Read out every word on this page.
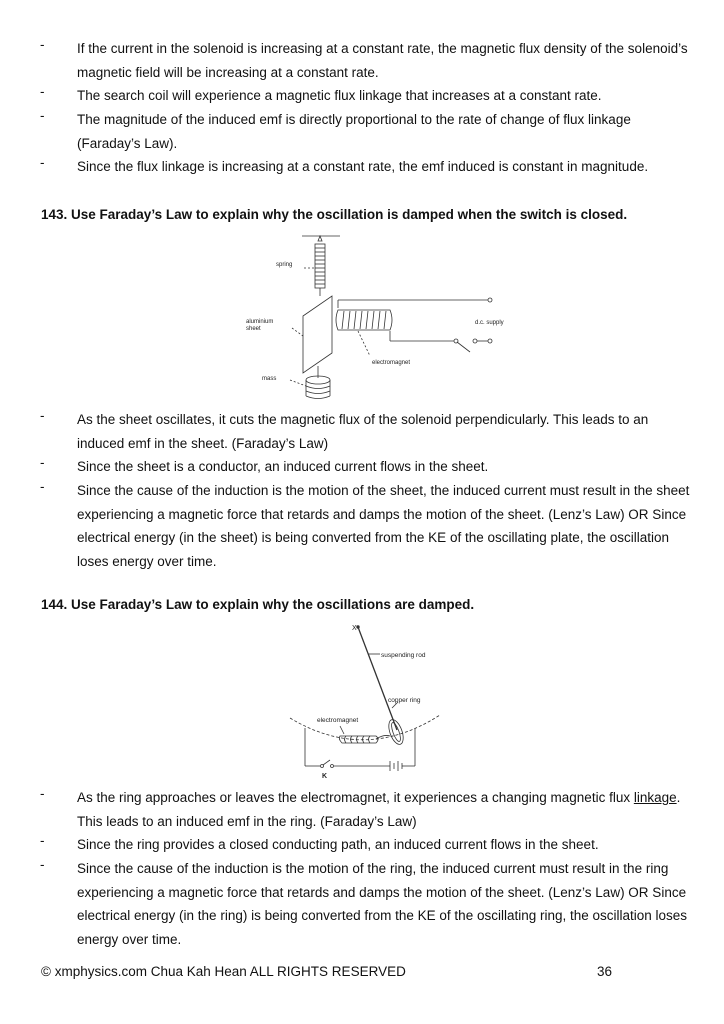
- If the current in the solenoid is increasing at a constant rate, the magnetic flux density of the solenoid’s magnetic field will be increasing at a constant rate.
- The search coil will experience a magnetic flux linkage that increases at a constant rate.
- The magnitude of the induced emf is directly proportional to the rate of change of flux linkage (Faraday’s Law).
- Since the flux linkage is increasing at a constant rate, the emf induced is constant in magnitude.
143. Use Faraday’s Law to explain why the oscillation is damped when the switch is closed.
spring
aluminium
sheet
mass
electromagnet
d.c. supply
- As the sheet oscillates, it cuts the magnetic flux of the solenoid perpendicularly. This leads to an induced emf in the sheet. (Faraday’s Law)
- Since the sheet is a conductor, an induced current flows in the sheet.
- Since the cause of the induction is the motion of the sheet, the induced current must result in the sheet experiencing a magnetic force that retards and damps the motion of the sheet. (Lenz’s Law) OR Since electrical energy (in the sheet) is being converted from the KE of the oscillating plate, the oscillation loses energy over time.
144. Use Faraday’s Law to explain why the oscillations are damped.
X
suspending rod
copper ring
electromagnet
K
- As the ring approaches or leaves the electromagnet, it experiences a changing magnetic flux linkage. This leads to an induced emf in the ring. (Faraday’s Law)
- Since the ring provides a closed conducting path, an induced current flows in the sheet.
- Since the cause of the induction is the motion of the ring, the induced current must result in the ring experiencing a magnetic force that retards and damps the motion of the sheet. (Lenz’s Law) OR Since electrical energy (in the ring) is being converted from the KE of the oscillating ring, the oscillation loses energy over time.
© xmphysics.com Chua Kah Hean ALL RIGHTS RESERVED	36
